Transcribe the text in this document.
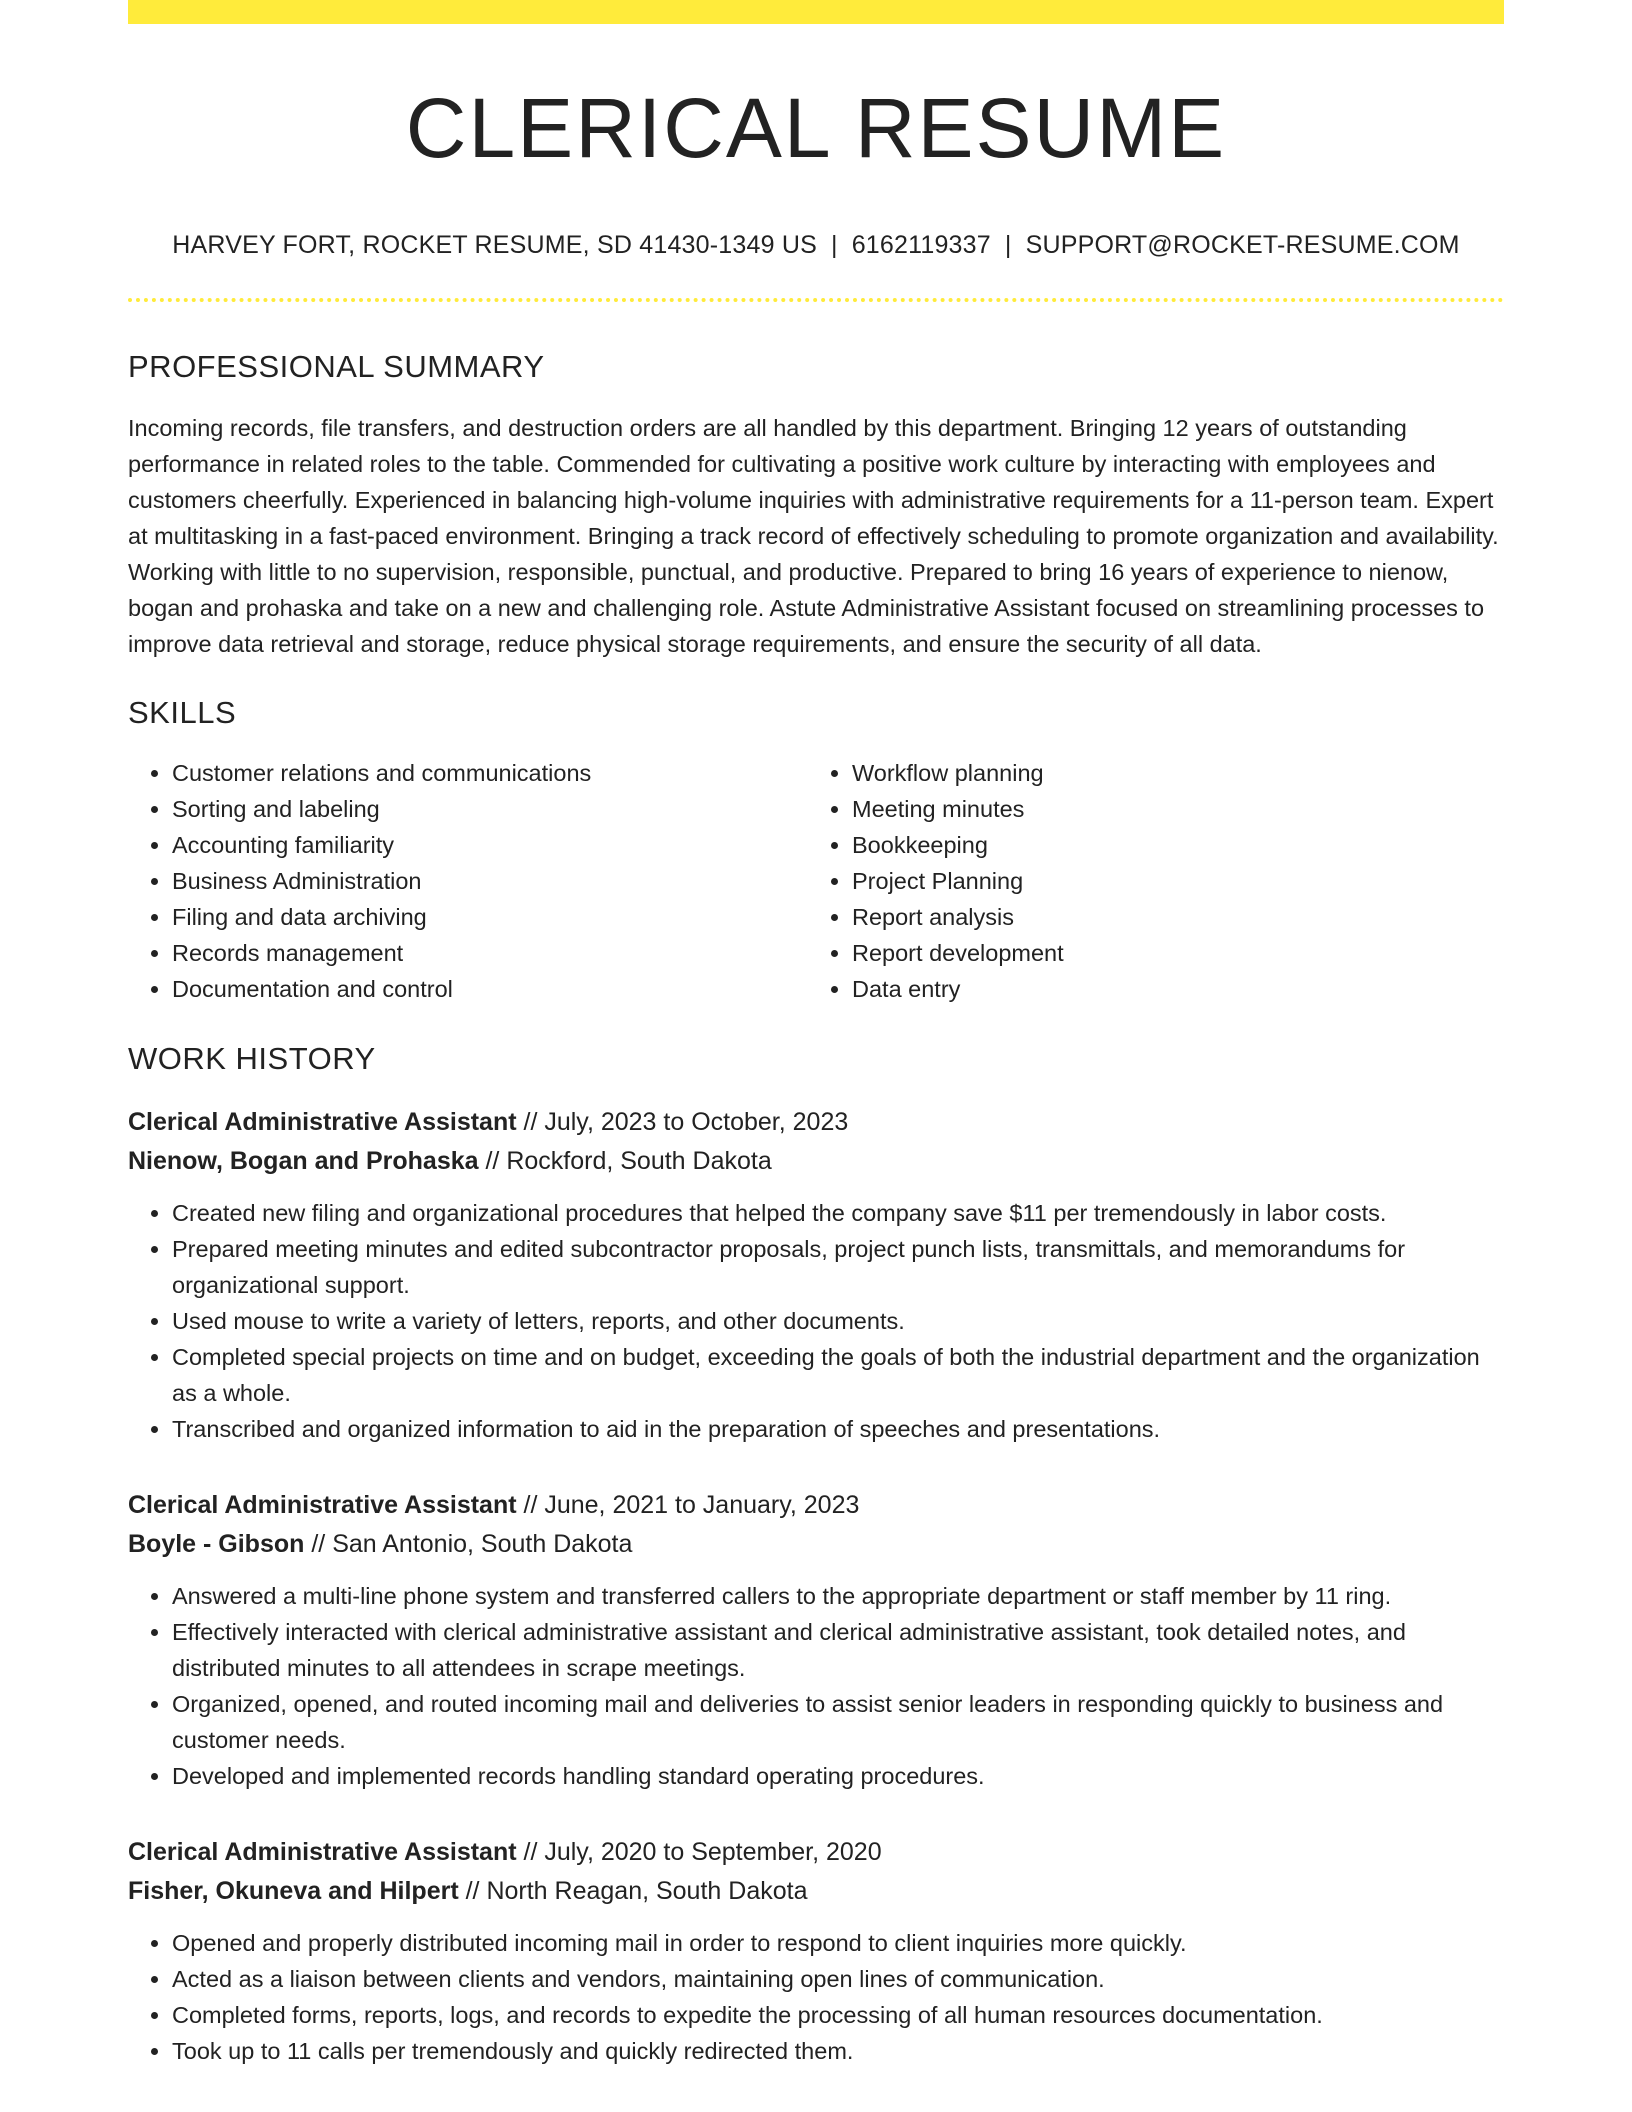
CLERICAL RESUME
HARVEY FORT, ROCKET RESUME, SD 41430-1349 US | 6162119337 | SUPPORT@ROCKET-RESUME.COM
PROFESSIONAL SUMMARY
Incoming records, file transfers, and destruction orders are all handled by this department. Bringing 12 years of outstanding performance in related roles to the table. Commended for cultivating a positive work culture by interacting with employees and customers cheerfully. Experienced in balancing high-volume inquiries with administrative requirements for a 11-person team. Expert at multitasking in a fast-paced environment. Bringing a track record of effectively scheduling to promote organization and availability. Working with little to no supervision, responsible, punctual, and productive. Prepared to bring 16 years of experience to nienow, bogan and prohaska and take on a new and challenging role. Astute Administrative Assistant focused on streamlining processes to improve data retrieval and storage, reduce physical storage requirements, and ensure the security of all data.
SKILLS
• Customer relations and communications
• Sorting and labeling
• Accounting familiarity
• Business Administration
• Filing and data archiving
• Records management
• Documentation and control
• Workflow planning
• Meeting minutes
• Bookkeeping
• Project Planning
• Report analysis
• Report development
• Data entry
WORK HISTORY
Clerical Administrative Assistant // July, 2023 to October, 2023
Nienow, Bogan and Prohaska // Rockford, South Dakota
• Created new filing and organizational procedures that helped the company save $11 per tremendously in labor costs.
• Prepared meeting minutes and edited subcontractor proposals, project punch lists, transmittals, and memorandums for organizational support.
• Used mouse to write a variety of letters, reports, and other documents.
• Completed special projects on time and on budget, exceeding the goals of both the industrial department and the organization as a whole.
• Transcribed and organized information to aid in the preparation of speeches and presentations.
Clerical Administrative Assistant // June, 2021 to January, 2023
Boyle - Gibson // San Antonio, South Dakota
• Answered a multi-line phone system and transferred callers to the appropriate department or staff member by 11 ring.
• Effectively interacted with clerical administrative assistant and clerical administrative assistant, took detailed notes, and distributed minutes to all attendees in scrape meetings.
• Organized, opened, and routed incoming mail and deliveries to assist senior leaders in responding quickly to business and customer needs.
• Developed and implemented records handling standard operating procedures.
Clerical Administrative Assistant // July, 2020 to September, 2020
Fisher, Okuneva and Hilpert // North Reagan, South Dakota
• Opened and properly distributed incoming mail in order to respond to client inquiries more quickly.
• Acted as a liaison between clients and vendors, maintaining open lines of communication.
• Completed forms, reports, logs, and records to expedite the processing of all human resources documentation.
• Took up to 11 calls per tremendously and quickly redirected them.
